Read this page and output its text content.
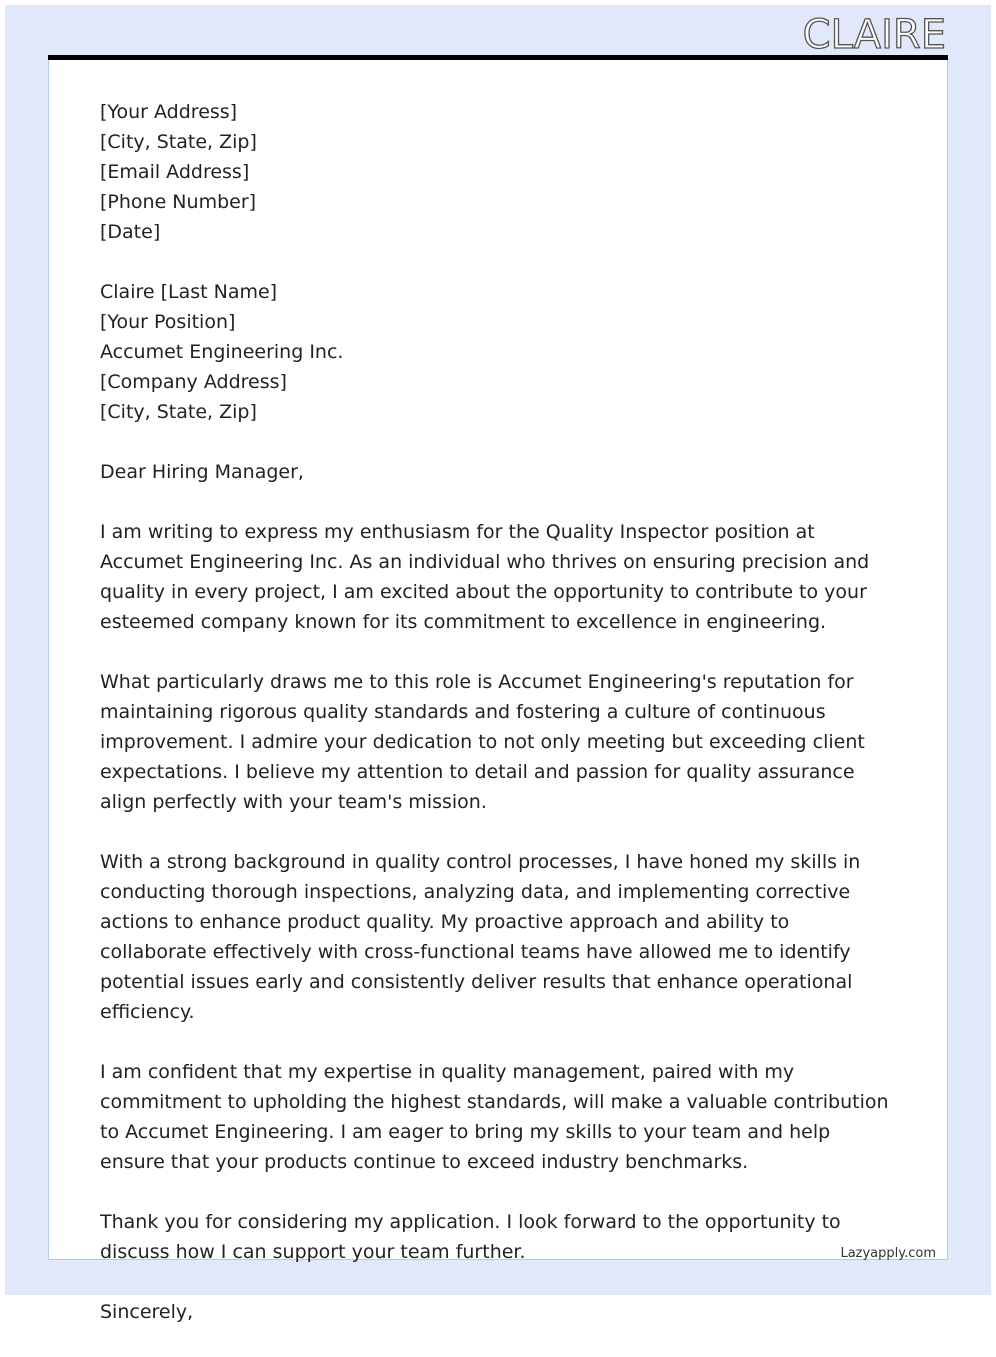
CLAIRE

[Your Address]
[City, State, Zip]
[Email Address]
[Phone Number]
[Date]

Claire [Last Name]
[Your Position]
Accumet Engineering Inc.
[Company Address]
[City, State, Zip]

Dear Hiring Manager,

I am writing to express my enthusiasm for the Quality Inspector position at Accumet Engineering Inc. As an individual who thrives on ensuring precision and quality in every project, I am excited about the opportunity to contribute to your esteemed company known for its commitment to excellence in engineering.

What particularly draws me to this role is Accumet Engineering's reputation for maintaining rigorous quality standards and fostering a culture of continuous improvement. I admire your dedication to not only meeting but exceeding client expectations. I believe my attention to detail and passion for quality assurance align perfectly with your team's mission.

With a strong background in quality control processes, I have honed my skills in conducting thorough inspections, analyzing data, and implementing corrective actions to enhance product quality. My proactive approach and ability to collaborate effectively with cross-functional teams have allowed me to identify potential issues early and consistently deliver results that enhance operational efficiency.

I am confident that my expertise in quality management, paired with my commitment to upholding the highest standards, will make a valuable contribution to Accumet Engineering. I am eager to bring my skills to your team and help ensure that your products continue to exceed industry benchmarks.

Thank you for considering my application. I look forward to the opportunity to discuss how I can support your team further.

Sincerely,

Lazyapply.com
